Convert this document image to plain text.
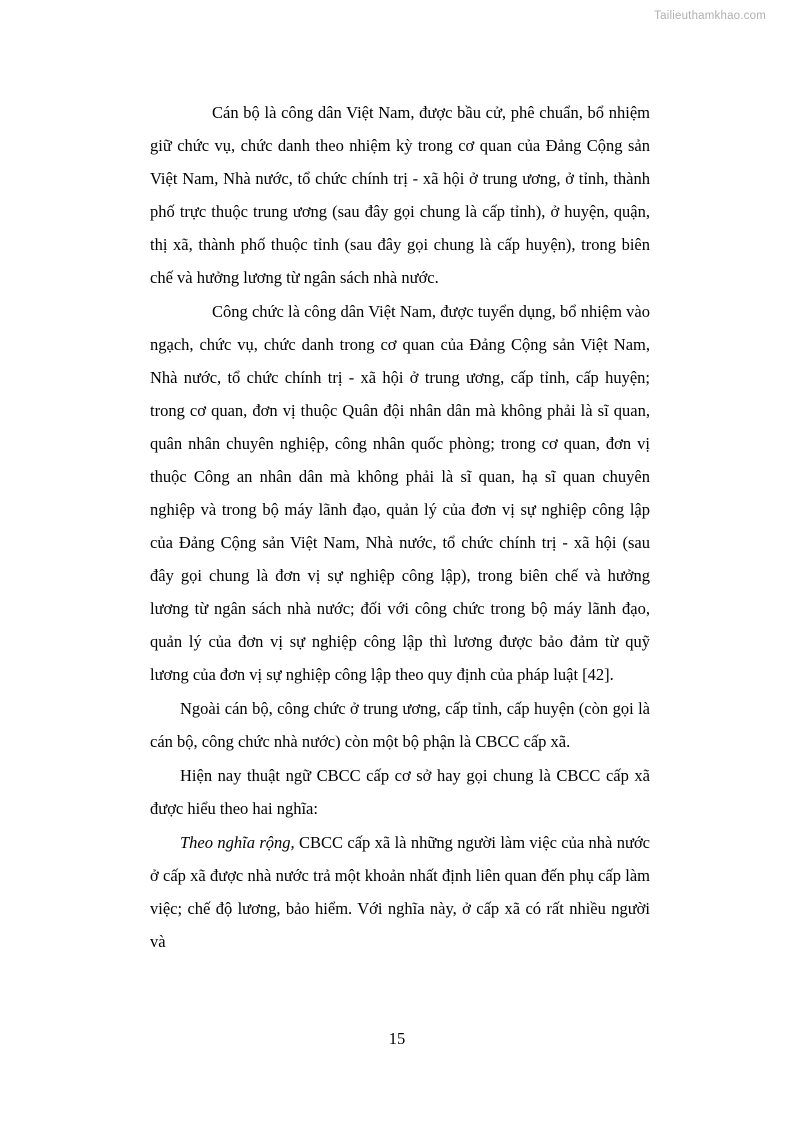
Tailieuthamkhao.com

Cán bộ là công dân Việt Nam, được bầu cử, phê chuẩn, bổ nhiệm giữ chức vụ, chức danh theo nhiệm kỳ trong cơ quan của Đảng Cộng sản Việt Nam, Nhà nước, tổ chức chính trị - xã hội ở trung ương, ở tỉnh, thành phố trực thuộc trung ương (sau đây gọi chung là cấp tỉnh), ở huyện, quận, thị xã, thành phố thuộc tỉnh (sau đây gọi chung là cấp huyện), trong biên chế và hưởng lương từ ngân sách nhà nước.

Công chức là công dân Việt Nam, được tuyển dụng, bổ nhiệm vào ngạch, chức vụ, chức danh trong cơ quan của Đảng Cộng sản Việt Nam, Nhà nước, tổ chức chính trị - xã hội ở trung ương, cấp tỉnh, cấp huyện; trong cơ quan, đơn vị thuộc Quân đội nhân dân mà không phải là sĩ quan, quân nhân chuyên nghiệp, công nhân quốc phòng; trong cơ quan, đơn vị thuộc Công an nhân dân mà không phải là sĩ quan, hạ sĩ quan chuyên nghiệp và trong bộ máy lãnh đạo, quản lý của đơn vị sự nghiệp công lập của Đảng Cộng sản Việt Nam, Nhà nước, tổ chức chính trị - xã hội (sau đây gọi chung là đơn vị sự nghiệp công lập), trong biên chế và hưởng lương từ ngân sách nhà nước; đối với công chức trong bộ máy lãnh đạo, quản lý của đơn vị sự nghiệp công lập thì lương được bảo đảm từ quỹ lương của đơn vị sự nghiệp công lập theo quy định của pháp luật [42].

Ngoài cán bộ, công chức ở trung ương, cấp tỉnh, cấp huyện (còn gọi là cán bộ, công chức nhà nước) còn một bộ phận là CBCC cấp xã.

Hiện nay thuật ngữ CBCC cấp cơ sở hay gọi chung là CBCC cấp xã được hiểu theo hai nghĩa:

Theo nghĩa rộng, CBCC cấp xã là những người làm việc của nhà nước ở cấp xã được nhà nước trả một khoản nhất định liên quan đến phụ cấp làm việc; chế độ lương, bảo hiểm. Với nghĩa này, ở cấp xã có rất nhiều người và

15
